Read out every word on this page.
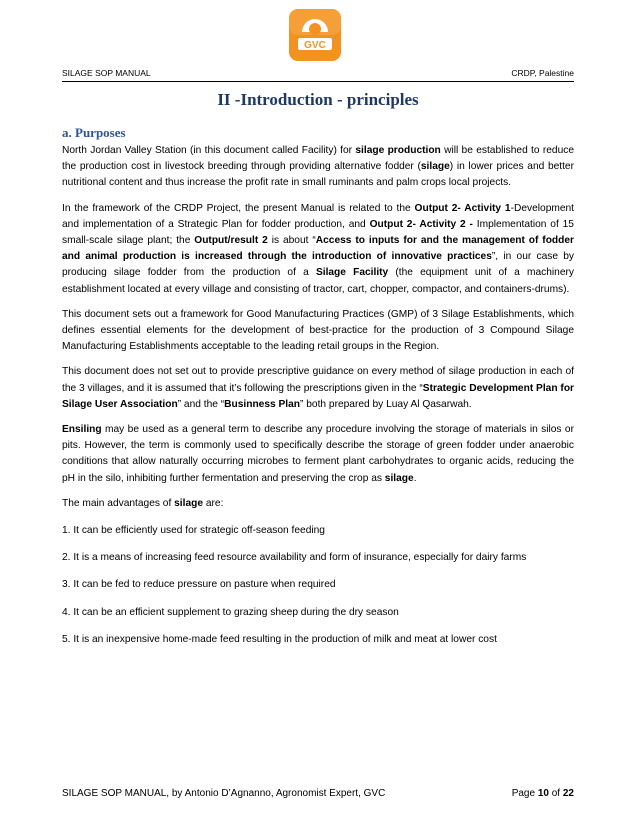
GVC
SILAGE SOP MANUAL	CRDP, Palestine
II -Introduction - principles
a. Purposes

North Jordan Valley Station (in this document called Facility) for silage production will be established to reduce the production cost in livestock breeding through providing alternative fodder (silage) in lower prices and better nutritional content and thus increase the profit rate in small ruminants and palm crops local projects.

In the framework of the CRDP Project, the present Manual is related to the Output 2- Activity 1-Development and implementation of a Strategic Plan for fodder production, and Output 2- Activity 2 - Implementation of 15 small-scale silage plant; the Output/result 2 is about “Access to inputs for and the management of fodder and animal production is increased through the introduction of innovative practices”, in our case by producing silage fodder from the production of a Silage Facility (the equipment unit of a machinery establishment located at every village and consisting of tractor, cart, chopper, compactor, and containers-drums).

This document sets out a framework for Good Manufacturing Practices (GMP) of 3 Silage Establishments, which defines essential elements for the development of best-practice for the production of 3 Compound Silage Manufacturing Establishments acceptable to the leading retail groups in the Region.

This document does not set out to provide prescriptive guidance on every method of silage production in each of the 3 villages, and it is assumed that it’s following the prescriptions given in the “Strategic Development Plan for Silage User Association” and the “Businness Plan” both prepared by Luay Al Qasarwah.

Ensiling may be used as a general term to describe any procedure involving the storage of materials in silos or pits. However, the term is commonly used to specifically describe the storage of green fodder under anaerobic conditions that allow naturally occurring microbes to ferment plant carbohydrates to organic acids, reducing the pH in the silo, inhibiting further fermentation and preserving the crop as silage.

The main advantages of silage are:

1. It can be efficiently used for strategic off-season feeding

2. It is a means of increasing feed resource availability and form of insurance, especially for dairy farms

3. It can be fed to reduce pressure on pasture when required

4. It can be an efficient supplement to grazing sheep during the dry season

5. It is an inexpensive home-made feed resulting in the production of milk and meat at lower cost

SILAGE SOP MANUAL, by Antonio D’Agnanno, Agronomist Expert, GVC	Page 10 of 22
